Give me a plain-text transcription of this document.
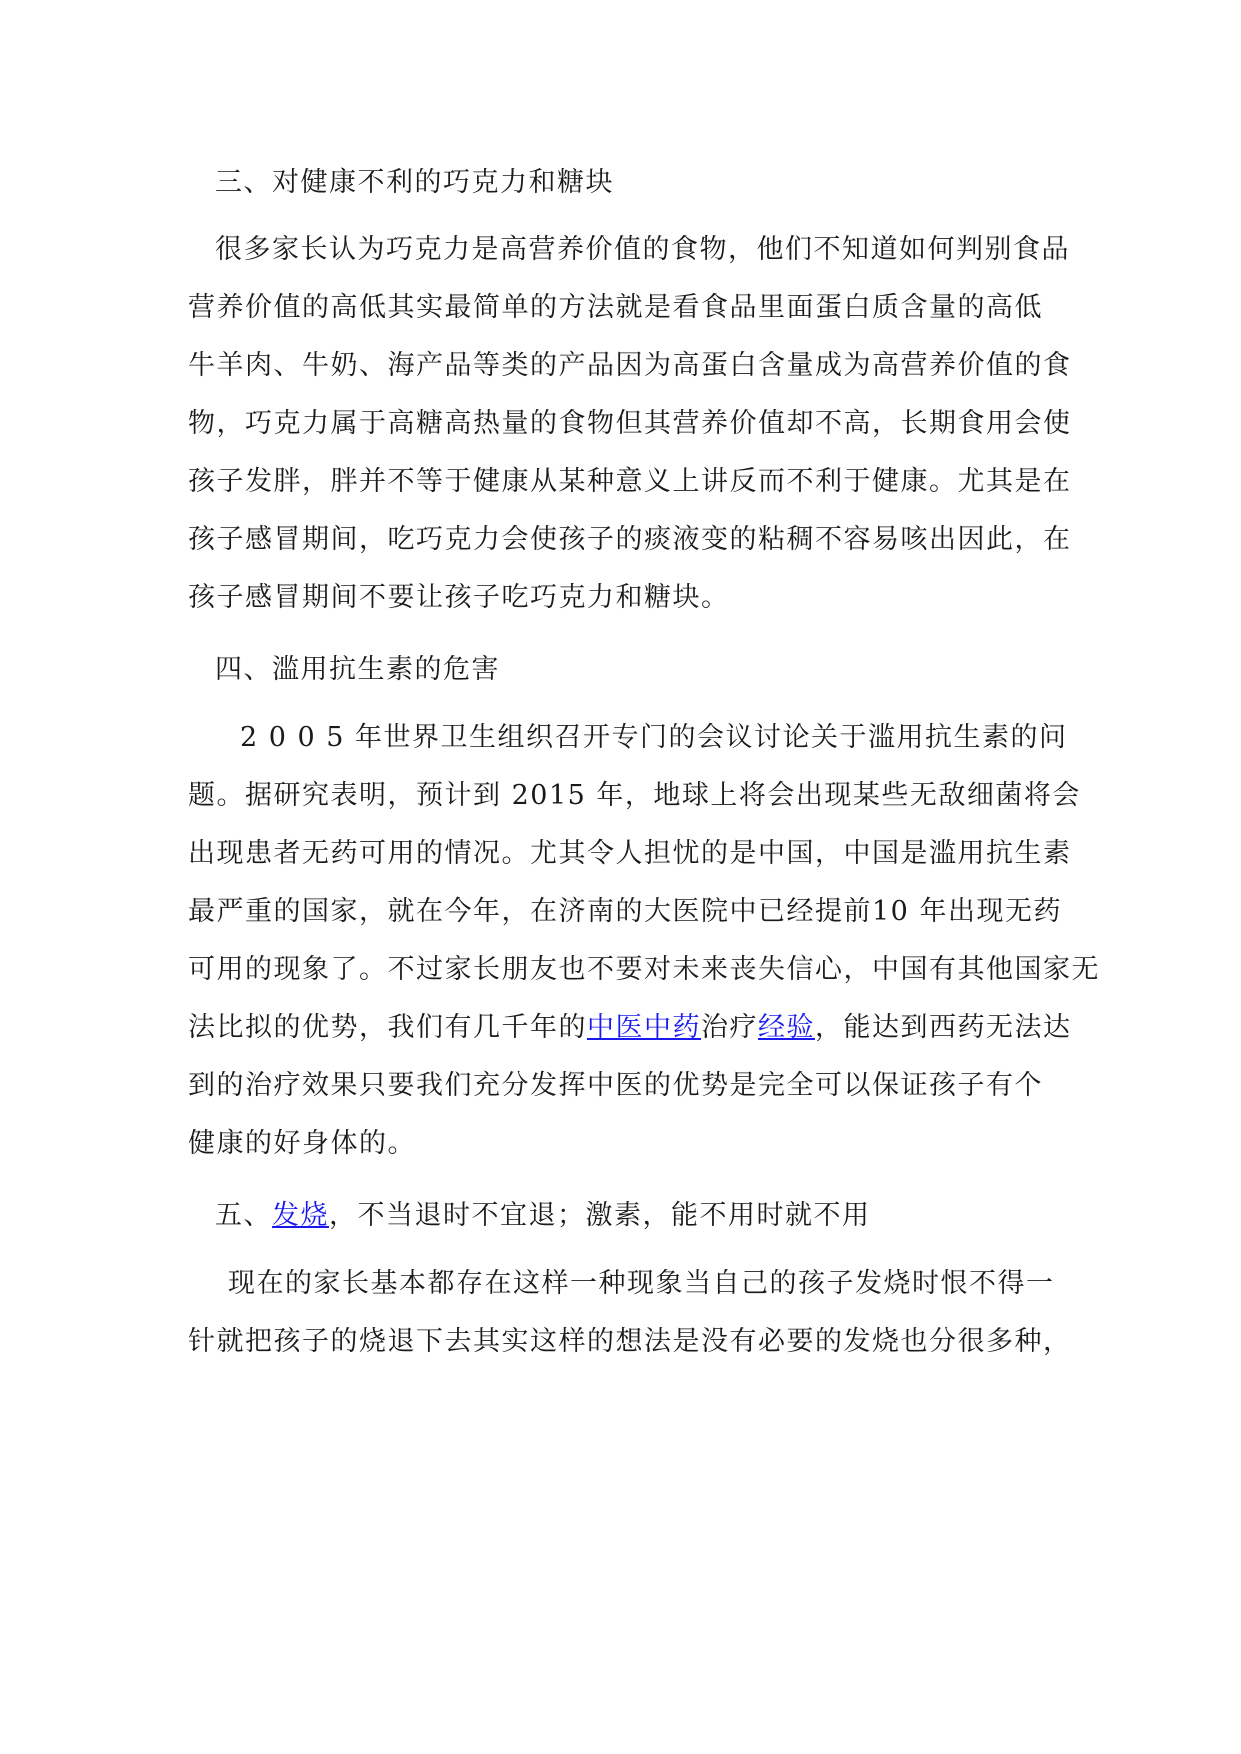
三、对健康不利的巧克力和糖块
很多家长认为巧克力是高营养价值的食物，他们不知道如何判别食品
营养价值的高低其实最简单的方法就是看食品里面蛋白质含量的高低
牛羊肉、牛奶、海产品等类的产品因为高蛋白含量成为高营养价值的食
物，巧克力属于高糖高热量的食物但其营养价值却不高，长期食用会使
孩子发胖，胖并不等于健康从某种意义上讲反而不利于健康。尤其是在
孩子感冒期间，吃巧克力会使孩子的痰液变的粘稠不容易咳出因此，在
孩子感冒期间不要让孩子吃巧克力和糖块。
四、滥用抗生素的危害
2 0 0 5 年世界卫生组织召开专门的会议讨论关于滥用抗生素的问
题。据研究表明，预计到 2015 年，地球上将会出现某些无敌细菌将会
出现患者无药可用的情况。尤其令人担忧的是中国，中国是滥用抗生素
最严重的国家，就在今年，在济南的大医院中已经提前10 年出现无药
可用的现象了。不过家长朋友也不要对未来丧失信心，中国有其他国家无
法比拟的优势，我们有几千年的中医中药治疗经验，能达到西药无法达
到的治疗效果只要我们充分发挥中医的优势是完全可以保证孩子有个
健康的好身体的。
五、发烧，不当退时不宜退；激素，能不用时就不用
现在的家长基本都存在这样一种现象当自己的孩子发烧时恨不得一
针就把孩子的烧退下去其实这样的想法是没有必要的发烧也分很多种，
